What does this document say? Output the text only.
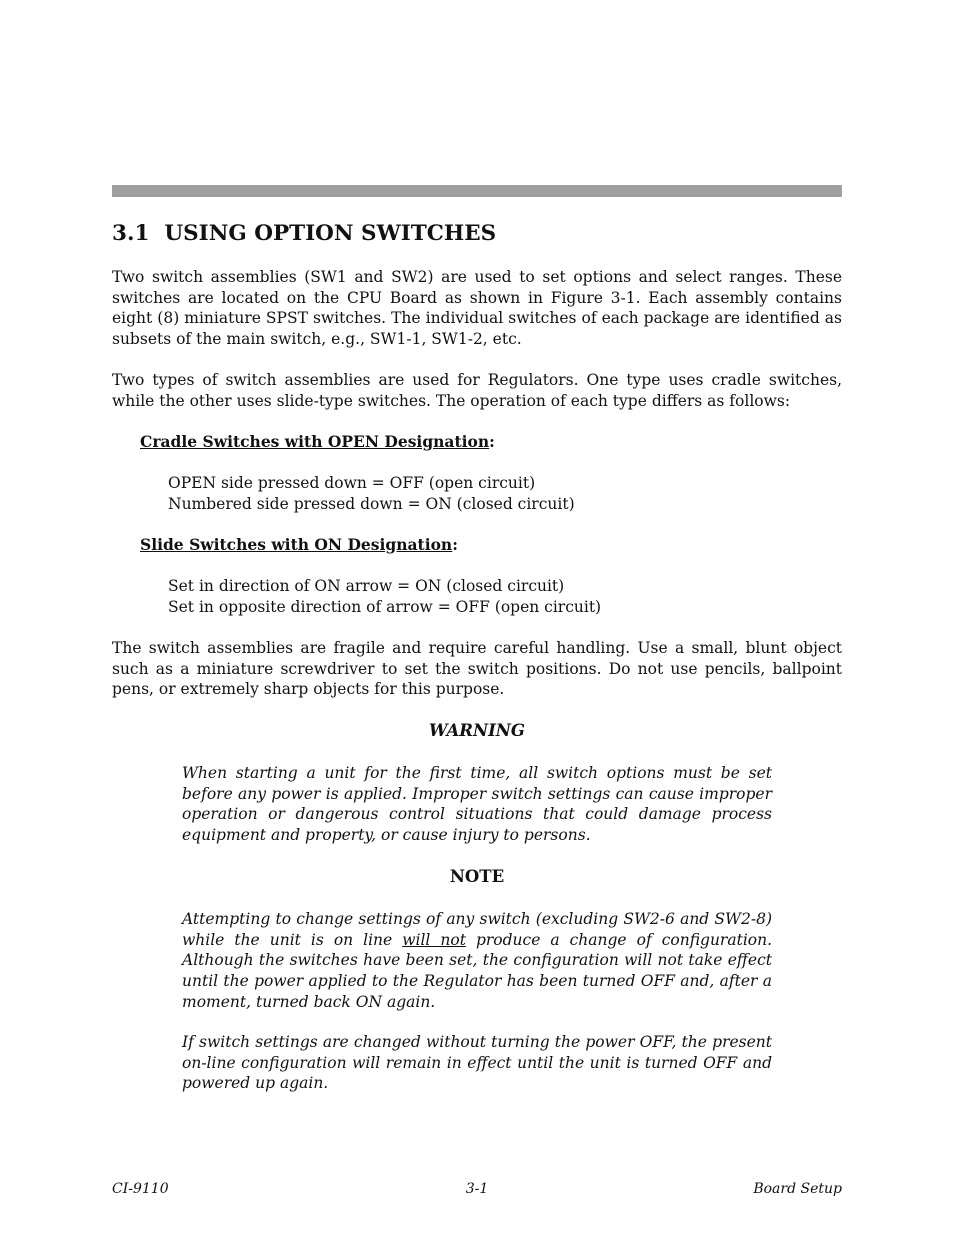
3.1 USING OPTION SWITCHES

Two switch assemblies (SW1 and SW2) are used to set options and select ranges. These switches are located on the CPU Board as shown in Figure 3-1. Each assembly contains eight (8) miniature SPST switches. The individual switches of each package are identified as subsets of the main switch, e.g., SW1-1, SW1-2, etc.

Two types of switch assemblies are used for Regulators. One type uses cradle switches, while the other uses slide-type switches. The operation of each type differs as follows:

Cradle Switches with OPEN Designation:

OPEN side pressed down = OFF (open circuit)

Numbered side pressed down = ON (closed circuit)

Slide Switches with ON Designation:

Set in direction of ON arrow = ON (closed circuit)

Set in opposite direction of arrow = OFF (open circuit)

The switch assemblies are fragile and require careful handling. Use a small, blunt object such as a miniature screwdriver to set the switch positions. Do not use pencils, ballpoint pens, or extremely sharp objects for this purpose.

WARNING

When starting a unit for the first time, all switch options must be set before any power is applied. Improper switch settings can cause improper operation or dangerous control situations that could damage process equipment and property, or cause injury to persons.

NOTE

Attempting to change settings of any switch (excluding SW2-6 and SW2-8) while the unit is on line will not produce a change of configuration. Although the switches have been set, the configuration will not take effect until the power applied to the Regulator has been turned OFF and, after a moment, turned back ON again.

If switch settings are changed without turning the power OFF, the present on-line configuration will remain in effect until the unit is turned OFF and powered up again.

CI-9110	3-1	Board Setup
